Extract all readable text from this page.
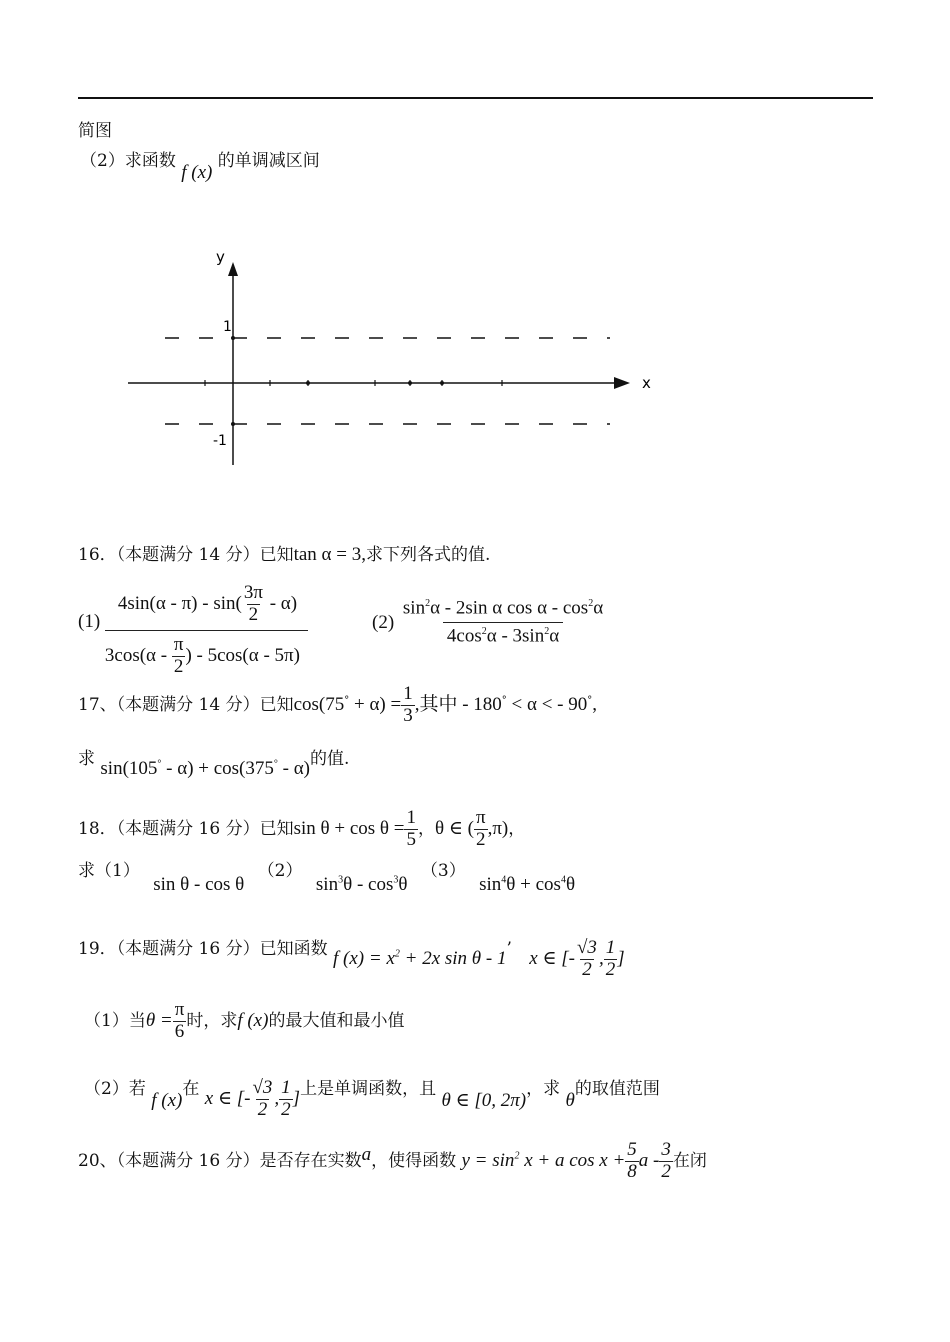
简图
（2）求函数 f (x) 的单调减区间
y
x
1
-1
16．（本题满分 14 分）已知tan α = 3,求下列各式的值.
$(1) \frac{4\sin(\alpha - \pi) - \sin( \frac{3\pi}{2} - \alpha)}{3\cos(\alpha - \frac{\pi}{2} ) - 5\cos(\alpha - 5\pi)}$	$(2) \frac{\sin^2\alpha - 2\sin \alpha \cos \alpha - \cos^2\alpha}{4\cos^2\alpha - 3\sin^2\alpha}$
17、（本题满分 14 分）已知$\cos(75^\circ + \alpha) = \frac{1}{3}$ ,其中 - 180° < α < - 90°,
求 sin(105° - α) + cos(375° - α)的值.
18．（本题满分 16 分）已知$\sin \theta + \cos \theta = \frac{1}{5}$ ，θ ∈ ( $\frac{\pi}{2} ,\pi$)，
求（1） sin θ - cos θ （2） $\sin^3\theta - \cos^3\theta$ （3） $\sin^4\theta + \cos^4\theta$
19．（本题满分 16 分）已知函数 f $(x) = x^2 + 2x$ sin θ - 1’ x ∈ [- $\frac{√3}{2}$ , $\frac{1}{2}$ ]
（1）当$\theta = \frac{\pi}{6}$ 时，求f (x)的最大值和最小值
（2）若 f (x)在 x ∈ [- $\frac{√3}{2}$ , $\frac{1}{2}$ ]上是单调函数，且 θ ∈ [0, 2π)，求 θ的取值范围
20、（本题满分 16 分）是否存在实数a，使得函数 $y = \sin^2 x + a$ $\cos x + \frac{5}{8}$ a - $\frac{3}{2}$ 在闭
